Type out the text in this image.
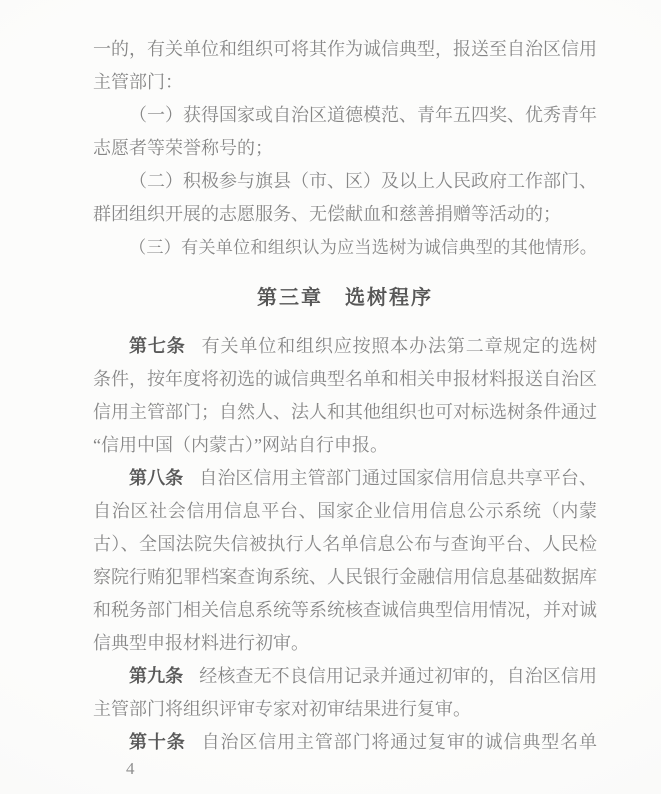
一的，有关单位和组织可将其作为诚信典型，报送至自治区信用
主管部门：
（一）获得国家或自治区道德模范、青年五四奖、优秀青年
志愿者等荣誉称号的；
（二）积极参与旗县（市、区）及以上人民政府工作部门、
群团组织开展的志愿服务、无偿献血和慈善捐赠等活动的；
（三）有关单位和组织认为应当选树为诚信典型的其他情形。
第三章　选树程序
第七条 有关单位和组织应按照本办法第二章规定的选树
条件，按年度将初选的诚信典型名单和相关申报材料报送自治区
信用主管部门；自然人、法人和其他组织也可对标选树条件通过
“信用中国（内蒙古）”网站自行申报。
第八条 自治区信用主管部门通过国家信用信息共享平台、
自治区社会信用信息平台、国家企业信用信息公示系统（内蒙
古）、全国法院失信被执行人名单信息公布与查询平台、人民检
察院行贿犯罪档案查询系统、人民银行金融信用信息基础数据库
和税务部门相关信息系统等系统核查诚信典型信用情况，并对诚
信典型申报材料进行初审。
第九条 经核查无不良信用记录并通过初审的，自治区信用
主管部门将组织评审专家对初审结果进行复审。
第十条 自治区信用主管部门将通过复审的诚信典型名单
4
